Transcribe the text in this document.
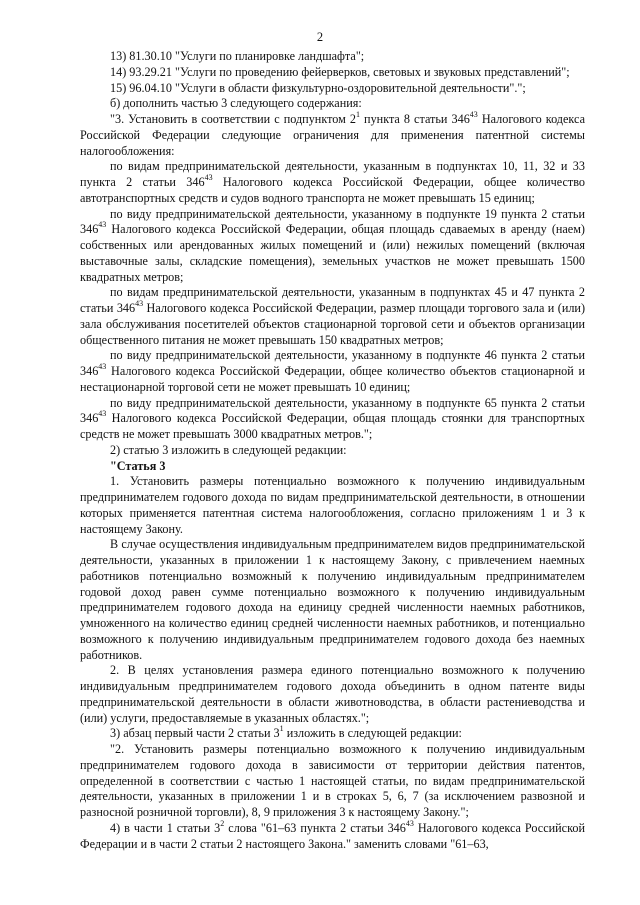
2

13) 81.30.10 "Услуги по планировке ландшафта";

14) 93.29.21 "Услуги по проведению фейерверков, световых и звуковых представлений";

15) 96.04.10 "Услуги в области физкультурно-оздоровительной деятельности".";

б) дополнить частью 3 следующего содержания:

"3. Установить в соответствии с подпунктом $2^1$ пункта 8 статьи $346^{43}$ Налогового кодекса Российской Федерации следующие ограничения для применения патентной системы налогообложения:

по видам предпринимательской деятельности, указанным в подпунктах 10, 11, 32 и 33 пункта 2 статьи $346^{43}$ Налогового кодекса Российской Федерации, общее количество автотранспортных средств и судов водного транспорта не может превышать 15 единиц;

по виду предпринимательской деятельности, указанному в подпункте 19 пункта 2 статьи $346^{43}$ Налогового кодекса Российской Федерации, общая площадь сдаваемых в аренду (наем) собственных или арендованных жилых помещений и (или) нежилых помещений (включая выставочные залы, складские помещения), земельных участков не может превышать 1500 квадратных метров;

по видам предпринимательской деятельности, указанным в подпунктах 45 и 47 пункта 2 статьи $346^{43}$ Налогового кодекса Российской Федерации, размер площади торгового зала и (или) зала обслуживания посетителей объектов стационарной торговой сети и объектов организации общественного питания не может превышать 150 квадратных метров;

по виду предпринимательской деятельности, указанному в подпункте 46 пункта 2 статьи $346^{43}$ Налогового кодекса Российской Федерации, общее количество объектов стационарной и нестационарной торговой сети не может превышать 10 единиц;

по виду предпринимательской деятельности, указанному в подпункте 65 пункта 2 статьи $346^{43}$ Налогового кодекса Российской Федерации, общая площадь стоянки для транспортных средств не может превышать 3000 квадратных метров.";

2) статью 3 изложить в следующей редакции:

"Статья 3

1. Установить размеры потенциально возможного к получению индивидуальным предпринимателем годового дохода по видам предпринимательской деятельности, в отношении которых применяется патентная система налогообложения, согласно приложениям 1 и 3 к настоящему Закону.

В случае осуществления индивидуальным предпринимателем видов предпринимательской деятельности, указанных в приложении 1 к настоящему Закону, с привлечением наемных работников потенциально возможный к получению индивидуальным предпринимателем годовой доход равен сумме потенциально возможного к получению индивидуальным предпринимателем годового дохода на единицу средней численности наемных работников, умноженного на количество единиц средней численности наемных работников, и потенциально возможного к получению индивидуальным предпринимателем годового дохода без наемных работников.

2. В целях установления размера единого потенциально возможного к получению индивидуальным предпринимателем годового дохода объединить в одном патенте виды предпринимательской деятельности в области животноводства, в области растениеводства и (или) услуги, предоставляемые в указанных областях.";

3) абзац первый части 2 статьи $3^1$ изложить в следующей редакции:

"2. Установить размеры потенциально возможного к получению индивидуальным предпринимателем годового дохода в зависимости от территории действия патентов, определенной в соответствии с частью 1 настоящей статьи, по видам предпринимательской деятельности, указанных в приложении 1 и в строках 5, 6, 7 (за исключением развозной и разносной розничной торговли), 8, 9 приложения 3 к настоящему Закону.";

4) в части 1 статьи $3^2$ слова "61–63 пункта 2 статьи $346^{43}$ Налогового кодекса Российской Федерации и в части 2 статьи 2 настоящего Закона." заменить словами "61–63,
